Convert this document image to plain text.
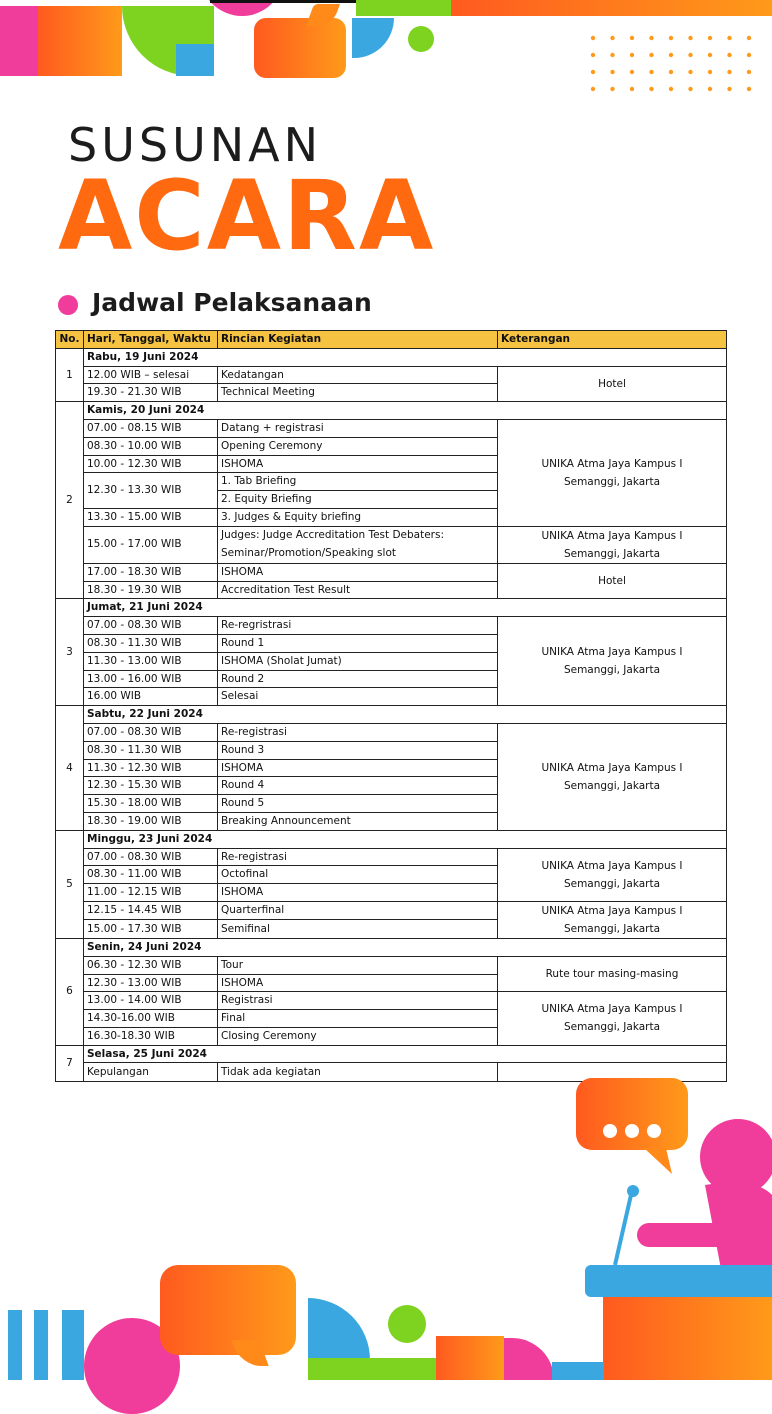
SUSUNAN
ACARA
Jadwal Pelaksanaan
No.	Hari, Tanggal, Waktu	Rincian Kegiatan	Keterangan
1	Rabu, 19 Juni 2024		
	12.00 WIB – selesai	Kedatangan	Hotel
	19.30 - 21.30 WIB	Technical Meeting	
2	Kamis, 20 Juni 2024		
	07.00 - 08.15 WIB	Datang + registrasi	UNIKA Atma Jaya Kampus I Semanggi, Jakarta
	08.30 - 10.00 WIB	Opening Ceremony	
	10.00 - 12.30 WIB	ISHOMA	
	12.30 - 13.30 WIB	1. Tab Briefing	
		2. Equity Briefing	
	13.30 - 15.00 WIB	3. Judges & Equity briefing	
	15.00 - 17.00 WIB	Judges: Judge Accreditation Test Debaters:	UNIKA Atma Jaya Kampus I Semanggi, Jakarta
		Seminar/Promotion/Speaking slot	
	17.00 - 18.30 WIB	ISHOMA	Hotel
	18.30 - 19.30 WIB	Accreditation Test Result	
3	Jumat, 21 Juni 2024		
	07.00 - 08.30 WIB	Re-regristrasi	UNIKA Atma Jaya Kampus I Semanggi, Jakarta
	08.30 - 11.30 WIB	Round 1	
	11.30 - 13.00 WIB	ISHOMA (Sholat Jumat)	
	13.00 - 16.00 WIB	Round 2	
	16.00 WIB	Selesai	
4	Sabtu, 22 Juni 2024		
	07.00 - 08.30 WIB	Re-registrasi	UNIKA Atma Jaya Kampus I Semanggi, Jakarta
	08.30 - 11.30 WIB	Round 3	
	11.30 - 12.30 WIB	ISHOMA	
	12.30 - 15.30 WIB	Round 4	
	15.30 - 18.00 WIB	Round 5	
	18.30 - 19.00 WIB	Breaking Announcement	
5	Minggu, 23 Juni 2024		
	07.00 - 08.30 WIB	Re-registrasi	UNIKA Atma Jaya Kampus I Semanggi, Jakarta
	08.30 - 11.00 WIB	Octofinal	
	11.00 - 12.15 WIB	ISHOMA	
	12.15 - 14.45 WIB	Quarterfinal	UNIKA Atma Jaya Kampus I Semanggi, Jakarta
	15.00 - 17.30 WIB	Semifinal	
6	Senin, 24 Juni 2024		
	06.30 - 12.30 WIB	Tour	Rute tour masing-masing
	12.30 - 13.00 WIB	ISHOMA	
	13.00 - 14.00 WIB	Registrasi	UNIKA Atma Jaya Kampus I Semanggi, Jakarta
	14.30-16.00 WIB	Final	
	16.30-18.30 WIB	Closing Ceremony	
7	Selasa, 25 Juni 2024		
	Kepulangan	Tidak ada kegiatan	
